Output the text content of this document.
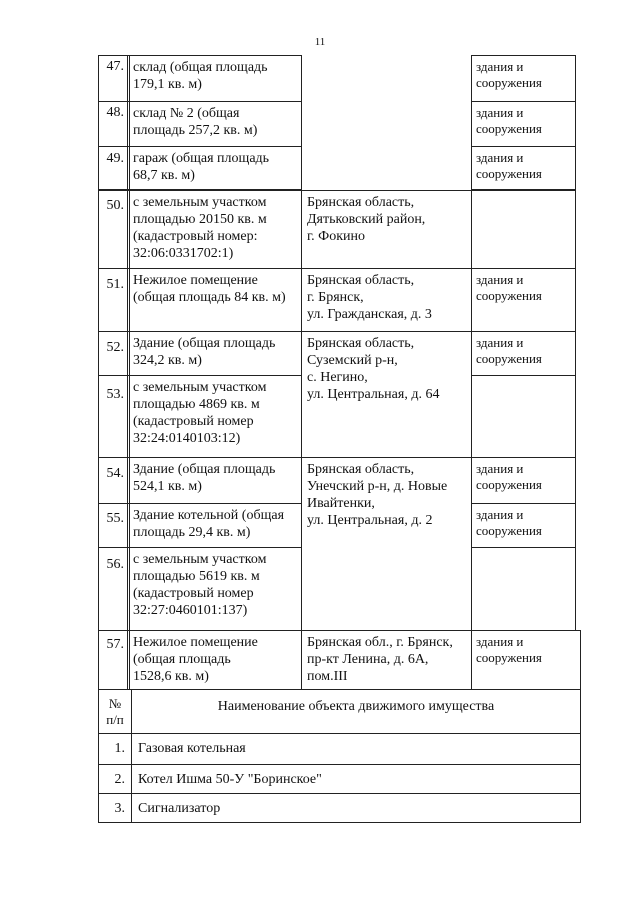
11
47. склад (общая площадь
179,1 кв. м)
здания и
сооружения
48. склад № 2 (общая
площадь 257,2 кв. м)
здания и
сооружения
49. гараж (общая площадь
68,7 кв. м)
здания и
сооружения
50. с земельным участком
площадью 20150 кв. м
(кадастровый номер:
32:06:0331702:1)
Брянская область,
Дятьковский район,
г. Фокино
51. Нежилое помещение
(общая площадь 84 кв. м)
Брянская область,
г. Брянск,
ул. Гражданская, д. 3
здания и
сооружения
52. Здание (общая площадь
324,2 кв. м)
Брянская область,
Суземский р-н,
с. Негино,
ул. Центральная, д. 64
здания и
сооружения
53. с земельным участком
площадью 4869 кв. м
(кадастровый номер
32:24:0140103:12)
54. Здание (общая площадь
524,1 кв. м)
Брянская область,
Унечский р-н, д. Новые
Ивайтенки,
ул. Центральная, д. 2
здания и
сооружения
55. Здание котельной (общая
площадь 29,4 кв. м)
здания и
сооружения
56. с земельным участком
площадью 5619 кв. м
(кадастровый номер
32:27:0460101:137)
57. Нежилое помещение
(общая площадь
1528,6 кв. м)
Брянская обл., г. Брянск,
пр-кт Ленина, д. 6А,
пом.III
здания и
сооружения
№
п/п
Наименование объекта движимого имущества
1. Газовая котельная
2. Котел Ишма 50-У "Боринское"
3. Сигнализатор
